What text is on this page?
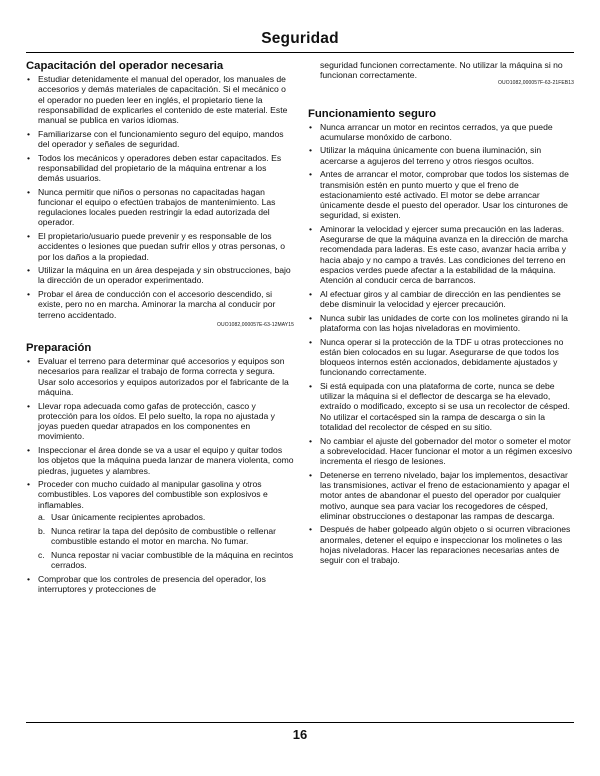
Seguridad
Capacitación del operador necesaria
• Estudiar detenidamente el manual del operador, los manuales de accesorios y demás materiales de capacitación. Si el mecánico o el operador no pueden leer en inglés, el propietario tiene la responsabilidad de explicarles el contenido de este material. Este manual se publica en varios idiomas.
• Familiarizarse con el funcionamiento seguro del equipo, mandos del operador y señales de seguridad.
• Todos los mecánicos y operadores deben estar capacitados. Es responsabilidad del propietario de la máquina entrenar a los demás usuarios.
• Nunca permitir que niños o personas no capacitadas hagan funcionar el equipo o efectúen trabajos de mantenimiento. Las regulaciones locales pueden restringir la edad autorizada del operador.
• El propietario/usuario puede prevenir y es responsable de los accidentes o lesiones que puedan sufrir ellos y otras personas, o por los daños a la propiedad.
• Utilizar la máquina en un área despejada y sin obstrucciones, bajo la dirección de un operador experimentado.
• Probar el área de conducción con el accesorio descendido, si existe, pero no en marcha. Aminorar la marcha al conducir por terreno accidentado.
OUO1082,000057E-63-12MAY15
Preparación
• Evaluar el terreno para determinar qué accesorios y equipos son necesarios para realizar el trabajo de forma correcta y segura. Usar solo accesorios y equipos autorizados por el fabricante de la máquina.
• Llevar ropa adecuada como gafas de protección, casco y protección para los oídos. El pelo suelto, la ropa no ajustada y joyas pueden quedar atrapados en los componentes en movimiento.
• Inspeccionar el área donde se va a usar el equipo y quitar todos los objetos que la máquina pueda lanzar de manera violenta, como piedras, juguetes y alambres.
• Proceder con mucho cuidado al manipular gasolina y otros combustibles. Los vapores del combustible son explosivos e inflamables.
a. Usar únicamente recipientes aprobados.
b. Nunca retirar la tapa del depósito de combustible o rellenar combustible estando el motor en marcha. No fumar.
c. Nunca repostar ni vaciar combustible de la máquina en recintos cerrados.
• Comprobar que los controles de presencia del operador, los interruptores y protecciones de
seguridad funcionen correctamente. No utilizar la máquina si no funcionan correctamente.
OUO1082,000057F-63-21FEB13
Funcionamiento seguro
• Nunca arrancar un motor en recintos cerrados, ya que puede acumularse monóxido de carbono.
• Utilizar la máquina únicamente con buena iluminación, sin acercarse a agujeros del terreno y otros riesgos ocultos.
• Antes de arrancar el motor, comprobar que todos los sistemas de transmisión estén en punto muerto y que el freno de estacionamiento esté activado. El motor se debe arrancar únicamente desde el puesto del operador. Usar los cinturones de seguridad, si existen.
• Aminorar la velocidad y ejercer suma precaución en las laderas. Asegurarse de que la máquina avanza en la dirección de marcha recomendada para laderas. Es este caso, avanzar hacia arriba y hacia abajo y no campo a través. Las condiciones del terreno en espacios verdes puede afectar a la estabilidad de la máquina. Atención al conducir cerca de barrancos.
• Al efectuar giros y al cambiar de dirección en las pendientes se debe disminuir la velocidad y ejercer precaución.
• Nunca subir las unidades de corte con los molinetes girando ni la plataforma con las hojas niveladoras en movimiento.
• Nunca operar si la protección de la TDF u otras protecciones no están bien colocados en su lugar. Asegurarse de que todos los bloqueos internos estén accionados, debidamente ajustados y funcionando correctamente.
• Si está equipada con una plataforma de corte, nunca se debe utilizar la máquina si el deflector de descarga se ha elevado, extraído o modificado, excepto si se usa un recolector de césped. No utilizar el cortacésped sin la rampa de descarga o sin la totalidad del recolector de césped en su sitio.
• No cambiar el ajuste del gobernador del motor o someter el motor a sobrevelocidad. Hacer funcionar el motor a un régimen excesivo incrementa el riesgo de lesiones.
• Detenerse en terreno nivelado, bajar los implementos, desactivar las transmisiones, activar el freno de estacionamiento y apagar el motor antes de abandonar el puesto del operador por cualquier motivo, aunque sea para vaciar los recogedores de césped, eliminar obstrucciones o destaponar las rampas de descarga.
• Después de haber golpeado algún objeto o si ocurren vibraciones anormales, detener el equipo e inspeccionar los molinetes o las hojas niveladoras. Hacer las reparaciones necesarias antes de seguir con el trabajo.
16
